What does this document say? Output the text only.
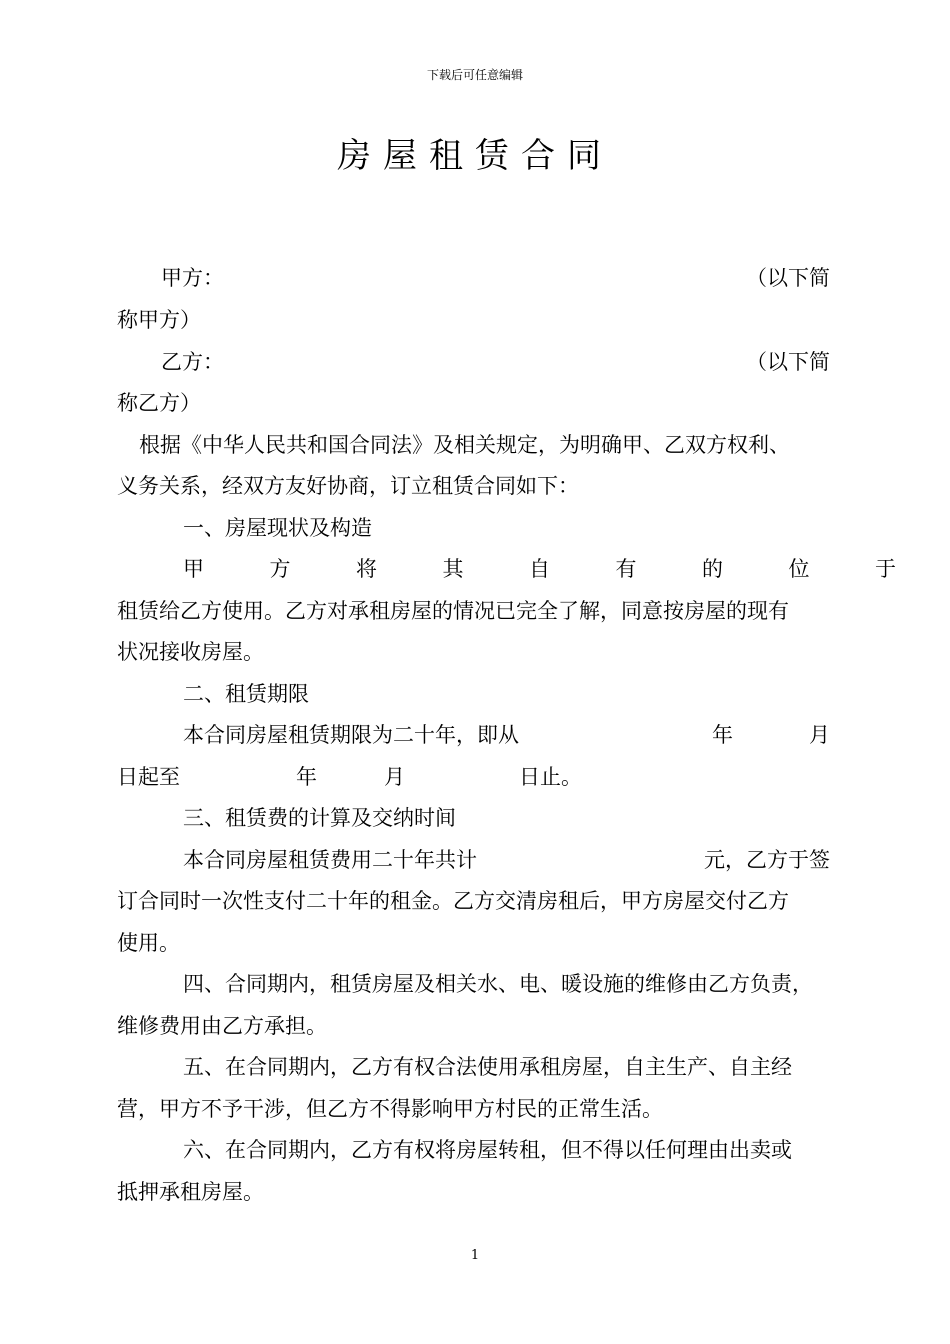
下载后可任意编辑
房屋租赁合同
甲方：	（以下简
称甲方）
乙方：	（以下简
称乙方）
根据《中华人民共和国合同法》及相关规定，为明确甲、乙双方权利、
义务关系，经双方友好协商，订立租赁合同如下：
一、房屋现状及构造
甲	方	将	其	自	有	的	位	于
租赁给乙方使用。乙方对承租房屋的情况已完全了解，同意按房屋的现有
状况接收房屋。
二、租赁期限
本合同房屋租赁期限为二十年，即从	年	月
日起至	年	月	日止。
三、租赁费的计算及交纳时间
本合同房屋租赁费用二十年共计	元，乙方于签
订合同时一次性支付二十年的租金。乙方交清房租后，甲方房屋交付乙方
使用。
四、合同期内，租赁房屋及相关水、电、暖设施的维修由乙方负责，
维修费用由乙方承担。
五、在合同期内，乙方有权合法使用承租房屋，自主生产、自主经
营，甲方不予干涉，但乙方不得影响甲方村民的正常生活。
六、在合同期内，乙方有权将房屋转租，但不得以任何理由出卖或
抵押承租房屋。
1
